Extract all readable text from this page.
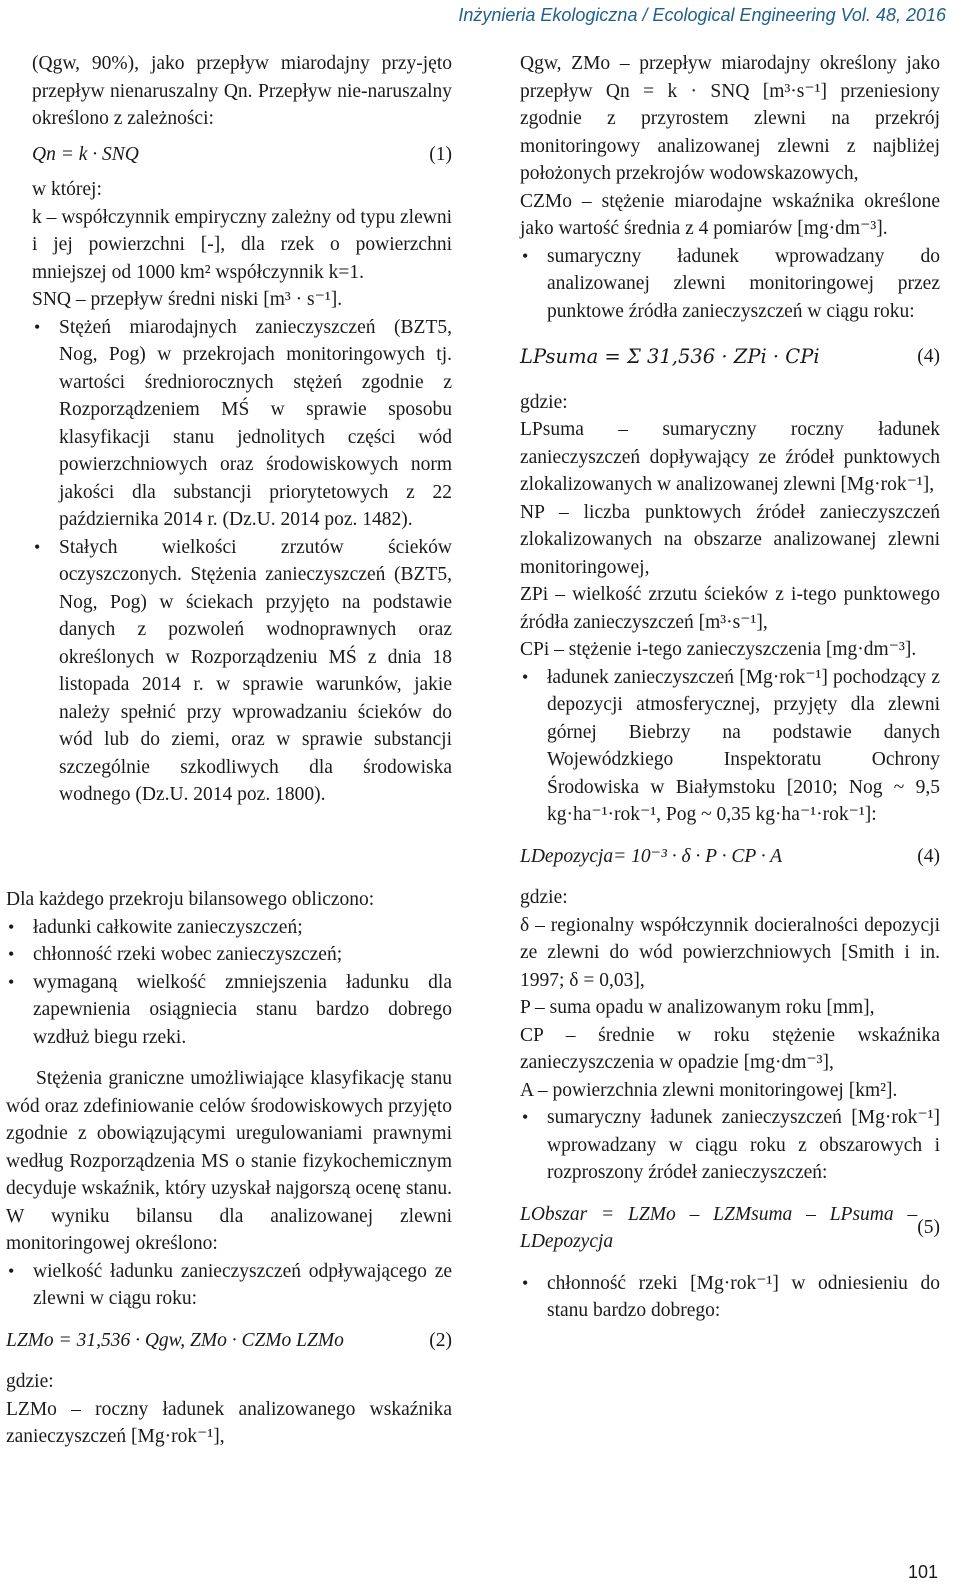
Inżynieria Ekologiczna / Ecological Engineering Vol. 48, 2016

(Qgw, 90%), jako przepływ miarodajny przy-jęto przepływ nienaruszalny Qn. Przepływ nie-naruszalny określono z zależności:

Qn = k · SNQ	(1)

w której:

k – współczynnik empiryczny zależny od typu zlewni i jej powierzchni [-], dla rzek o powierzchni mniejszej od 1000 km² współczynnik k=1.

SNQ – przepływ średni niski [m³ · s⁻¹].

• Stężeń miarodajnych zanieczyszczeń (BZT5, Nog, Pog) w przekrojach monitoringowych tj. wartości średniorocznych stężeń zgodnie z Rozporządzeniem MŚ w sprawie sposobu klasyfikacji stanu jednolitych części wód powierzchniowych oraz środowiskowych norm jakości dla substancji priorytetowych z 22 października 2014 r. (Dz.U. 2014 poz. 1482).
• Stałych wielkości zrzutów ścieków oczyszczonych. Stężenia zanieczyszczeń (BZT5, Nog, Pog) w ściekach przyjęto na podstawie danych z pozwoleń wodnoprawnych oraz określonych w Rozporządzeniu MŚ z dnia 18 listopada 2014 r. w sprawie warunków, jakie należy spełnić przy wprowadzaniu ścieków do wód lub do ziemi, oraz w sprawie substancji szczególnie szkodliwych dla środowiska wodnego (Dz.U. 2014 poz. 1800).

Dla każdego przekroju bilansowego obliczono:

• ładunki całkowite zanieczyszczeń;
• chłonność rzeki wobec zanieczyszczeń;
• wymaganą wielkość zmniejszenia ładunku dla zapewnienia osiągniecia stanu bardzo dobrego wzdłuż biegu rzeki.

Stężenia graniczne umożliwiające klasyfikację stanu wód oraz zdefiniowanie celów środowiskowych przyjęto zgodnie z obowiązującymi uregulowaniami prawnymi według Rozporządzenia MS o stanie fizykochemicznym decyduje wskaźnik, który uzyskał najgorszą ocenę stanu. W wyniku bilansu dla analizowanej zlewni monitoringowej określono:

• wielkość ładunku zanieczyszczeń odpływającego ze zlewni w ciągu roku:
LZMo = 31,536 · Qgw, ZMo · CZMo LZMo	(2)

gdzie:

LZMo – roczny ładunek analizowanego wskaźnika zanieczyszczeń [Mg·rok⁻¹],

Qgw, ZMo – przepływ miarodajny określony jako przepływ Qn = k · SNQ [m³·s⁻¹] przeniesiony zgodnie z przyrostem zlewni na przekrój monitoringowy analizowanej zlewni z najbliżej położonych przekrojów wodowskazowych,

CZMo – stężenie miarodajne wskaźnika określone jako wartość średnia z 4 pomiarów [mg·dm⁻³].

• sumaryczny ładunek wprowadzany do analizowanej zlewni monitoringowej przez punktowe źródła zanieczyszczeń w ciągu roku:
LPsuma = Σ 31,536 · ZPi · CPi	(4)

gdzie:

LPsuma – sumaryczny roczny ładunek zanieczyszczeń dopływający ze źródeł punktowych zlokalizowanych w analizowanej zlewni [Mg·rok⁻¹],

NP – liczba punktowych źródeł zanieczyszczeń zlokalizowanych na obszarze analizowanej zlewni monitoringowej,

ZPi – wielkość zrzutu ścieków z i-tego punktowego źródła zanieczyszczeń [m³·s⁻¹],

CPi – stężenie i-tego zanieczyszczenia [mg·dm⁻³].

• ładunek zanieczyszczeń [Mg·rok⁻¹] pochodzący z depozycji atmosferycznej, przyjęty dla zlewni górnej Biebrzy na podstawie danych Wojewódzkiego Inspektoratu Ochrony Środowiska w Białymstoku [2010; Nog ~ 9,5 kg·ha⁻¹·rok⁻¹, Pog ~ 0,35 kg·ha⁻¹·rok⁻¹]:
LDepozycja= 10⁻³ · δ · P · CP · A	(4)

gdzie:

δ – regionalny współczynnik docieralności depozycji ze zlewni do wód powierzchniowych [Smith i in. 1997; δ = 0,03],

P – suma opadu w analizowanym roku [mm],

CP – średnie w roku stężenie wskaźnika zanieczyszczenia w opadzie [mg·dm⁻³],

A – powierzchnia zlewni monitoringowej [km²].

• sumaryczny ładunek zanieczyszczeń [Mg·rok⁻¹] wprowadzany w ciągu roku z obszarowych i rozproszony źródeł zanieczyszczeń:
LObszar = LZMo – LZMsuma – LPsuma – LDepozycja
(5)
• chłonność rzeki [Mg·rok⁻¹] w odniesieniu do stanu bardzo dobrego:
101
